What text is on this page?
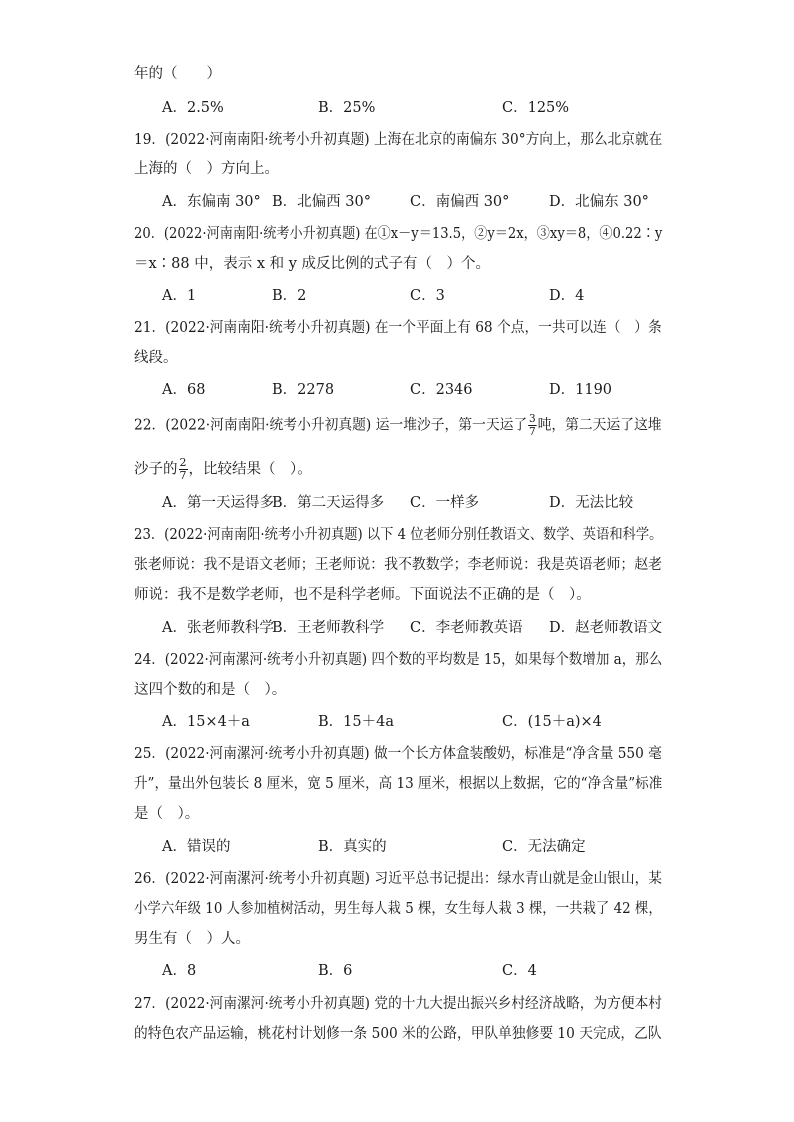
年的（　　）
A．2.5%	B．25%	C．125%
19．(2022·河南南阳·统考小升初真题) 上海在北京的南偏东 30°方向上，那么北京就在
上海的（　）方向上。
A．东偏南 30° B．北偏西 30°	C．南偏西 30°	D．北偏东 30°
20．(2022·河南南阳·统考小升初真题) 在①x－y＝13.5，②y＝2x，③xy＝8，④0.22∶y
＝x∶88 中，表示 x 和 y 成反比例的式子有（　）个。
A．1	B．2	C．3	D．4
21．(2022·河南南阳·统考小升初真题) 在一个平面上有 68 个点，一共可以连（　）条
线段。
A．68	B．2278	C．2346	D．1190
22．(2022·河南南阳·统考小升初真题) 运一堆沙子，第一天运了 $\frac{3}{7}$ 吨，第二天运了这堆
沙子的 $\frac{2}{7}$ ，比较结果（　）。
A．第一天运得多
B．第二天运得多 C．一样多	D．无法比较
23．(2022·河南南阳·统考小升初真题) 以下 4 位老师分别任教语文、数学、英语和科学。
张老师说：我不是语文老师；王老师说：我不教数学；李老师说：我是英语老师；赵老
师说：我不是数学老师，也不是科学老师。下面说法不正确的是（　）。
A．张老师教科学
B．王老师教科学 C．李老师教英语 D．赵老师教语文
24．(2022·河南漯河·统考小升初真题) 四个数的平均数是 15，如果每个数增加 a，那么
这四个数的和是（　）。
A．15×4＋a	B．15＋4a	C．(15＋a)×4
25．(2022·河南漯河·统考小升初真题) 做一个长方体盒装酸奶，标准是“净含量 550 毫
升”，量出外包装长 8 厘米，宽 5 厘米，高 13 厘米，根据以上数据，它的“净含量”标准
是（　）。
A．错误的	B．真实的	C．无法确定
26．(2022·河南漯河·统考小升初真题) 习近平总书记提出：绿水青山就是金山银山，某
小学六年级 10 人参加植树活动，男生每人栽 5 棵，女生每人栽 3 棵，一共栽了 42 棵，
男生有（　）人。
A．8	B．6	C．4
27．(2022·河南漯河·统考小升初真题) 党的十九大提出振兴乡村经济战略，为方便本村
的特色农产品运输，桃花村计划修一条 500 米的公路，甲队单独修要 10 天完成，乙队
